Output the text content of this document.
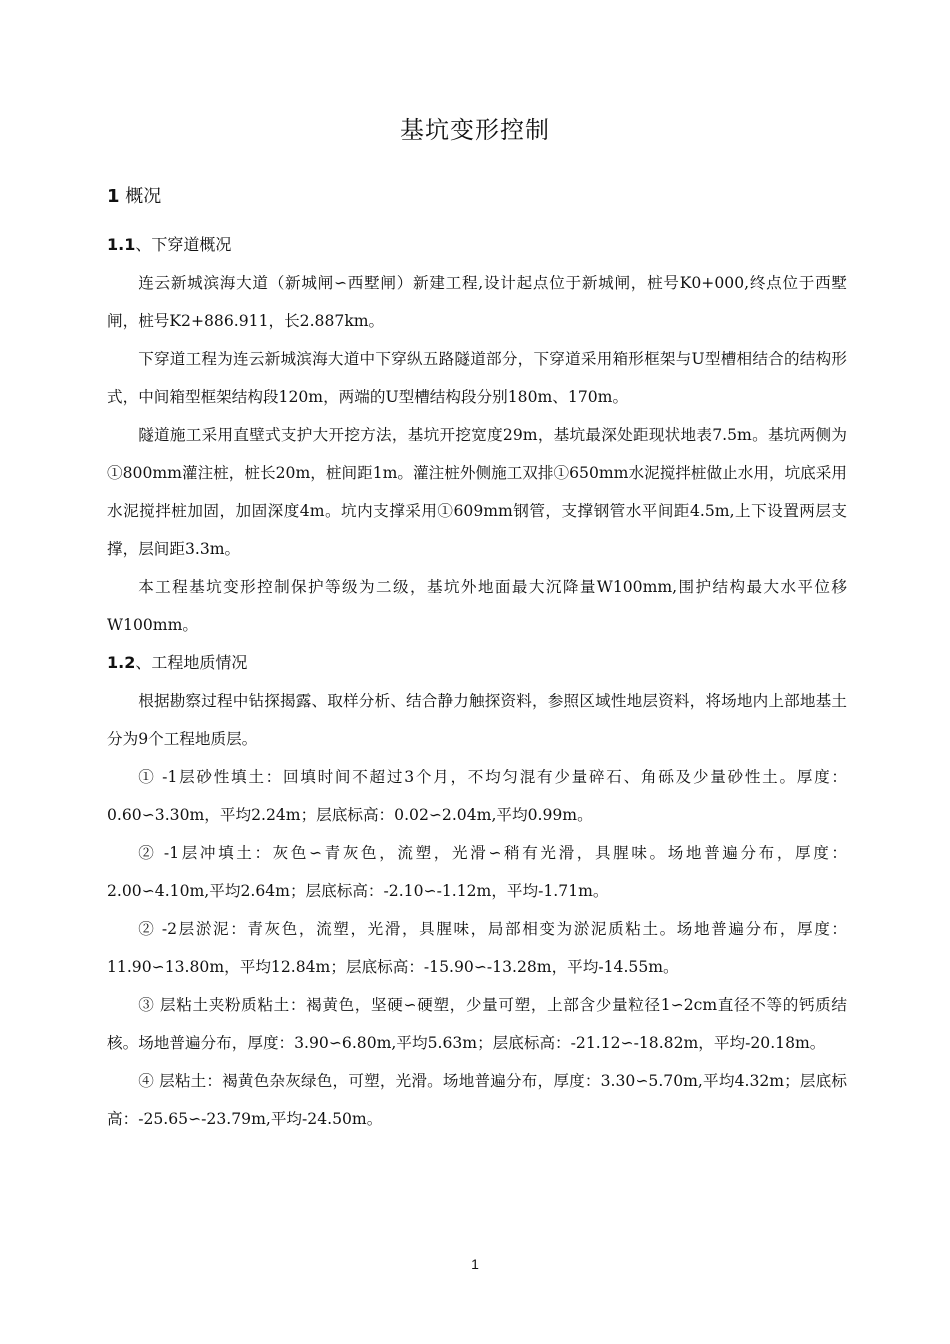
基坑变形控制
1 概况
1.1、下穿道概况

连云新城滨海大道（新城闸∽西墅闸）新建工程,设计起点位于新城闸，桩号K0+000,终点位于西墅闸，桩号K2+886.911，长2.887km。

下穿道工程为连云新城滨海大道中下穿纵五路隧道部分，下穿道采用箱形框架与U型槽相结合的结构形式，中间箱型框架结构段120m，两端的U型槽结构段分别180m、170m。

隧道施工采用直壁式支护大开挖方法，基坑开挖宽度29m，基坑最深处距现状地表7.5m。基坑两侧为①800mm灌注桩，桩长20m，桩间距1m。灌注桩外侧施工双排①650mm水泥搅拌桩做止水用，坑底采用水泥搅拌桩加固，加固深度4m。坑内支撑采用①609mm钢管，支撑钢管水平间距4.5m,上下设置两层支撑，层间距3.3m。

本工程基坑变形控制保护等级为二级，基坑外地面最大沉降量W100mm,围护结构最大水平位移W100mm。

1.2、工程地质情况

根据勘察过程中钻探揭露、取样分析、结合静力触探资料，参照区域性地层资料，将场地内上部地基土分为9个工程地质层。

① -1层砂性填土：回填时间不超过3个月，不均匀混有少量碎石、角砾及少量砂性土。厚度：0.60∽3.30m，平均2.24m；层底标高：0.02∽2.04m,平均0.99m。

② -1层冲填土：灰色∽青灰色，流塑，光滑∽稍有光滑，具腥味。场地普遍分布，厚度：2.00∽4.10m,平均2.64m；层底标高：-2.10∽-1.12m，平均-1.71m。

② -2层淤泥：青灰色，流塑，光滑，具腥味，局部相变为淤泥质粘土。场地普遍分布，厚度：11.90∽13.80m，平均12.84m；层底标高：-15.90∽-13.28m，平均-14.55m。

③ 层粘土夹粉质粘土：褐黄色，坚硬∽硬塑，少量可塑，上部含少量粒径1∽2cm直径不等的钙质结核。场地普遍分布，厚度：3.90∽6.80m,平均5.63m；层底标高：-21.12∽-18.82m，平均-20.18m。

④ 层粘土：褐黄色杂灰绿色，可塑，光滑。场地普遍分布，厚度：3.30∽5.70m,平均4.32m；层底标高：-25.65∽-23.79m,平均-24.50m。

1
